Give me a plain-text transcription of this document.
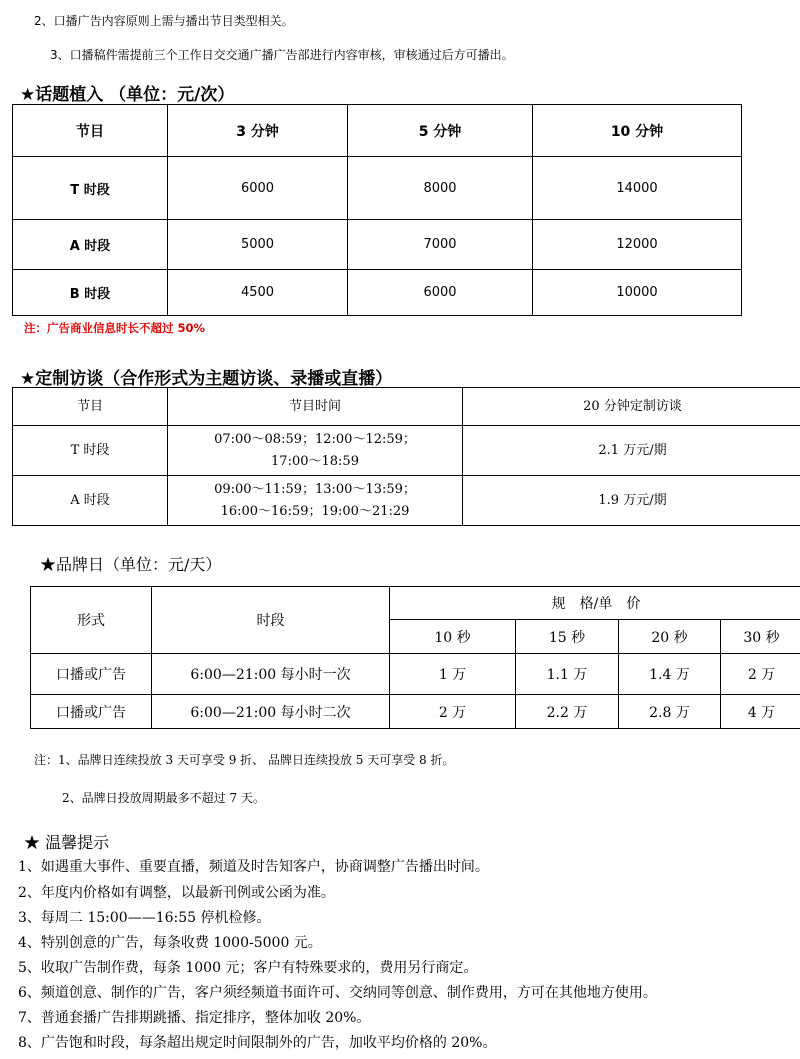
2、口播广告内容原则上需与播出节目类型相关。
3、口播稿件需提前三个工作日交交通广播广告部进行内容审核，审核通过后方可播出。
★话题植入 （单位：元/次）
节目	3 分钟	5 分钟	10 分钟
T 时段	6000	8000	14000
A 时段	5000	7000	12000
B 时段	4500	6000	10000
注：广告商业信息时长不超过 50%
★定制访谈（合作形式为主题访谈、录播或直播）
节目	节目时间	20 分钟定制访谈
T 时段	07:00～08:59；12:00～12:59；
17:00～18:59	2.1 万元/期
A 时段	09:00～11:59；13:00～13:59；
16:00～16:59；19:00～21:29	1.9 万元/期
★品牌日（单位：元/天）
形式	时段	规　格/单　价			
		10 秒	15 秒	20 秒	30 秒
口播或广告	6:00—21:00 每小时一次	1 万	1.1 万	1.4 万	2 万
口播或广告	6:00—21:00 每小时二次	2 万	2.2 万	2.8 万	4 万
注：1、品牌日连续投放 3 天可享受 9 折、 品牌日连续投放 5 天可享受 8 折。
2、品牌日投放周期最多不超过 7 天。
★ 温馨提示
1、如遇重大事件、重要直播，频道及时告知客户，协商调整广告播出时间。
2、年度内价格如有调整，以最新刊例或公函为准。
3、每周二 15:00——16:55 停机检修。
4、特别创意的广告，每条收费 1000-5000 元。
5、收取广告制作费，每条 1000 元；客户有特殊要求的，费用另行商定。
6、频道创意、制作的广告，客户须经频道书面许可、交纳同等创意、制作费用，方可在其他地方使用。
7、普通套播广告排期跳播、指定排序，整体加收 20%。
8、广告饱和时段，每条超出规定时间限制外的广告，加收平均价格的 20%。
